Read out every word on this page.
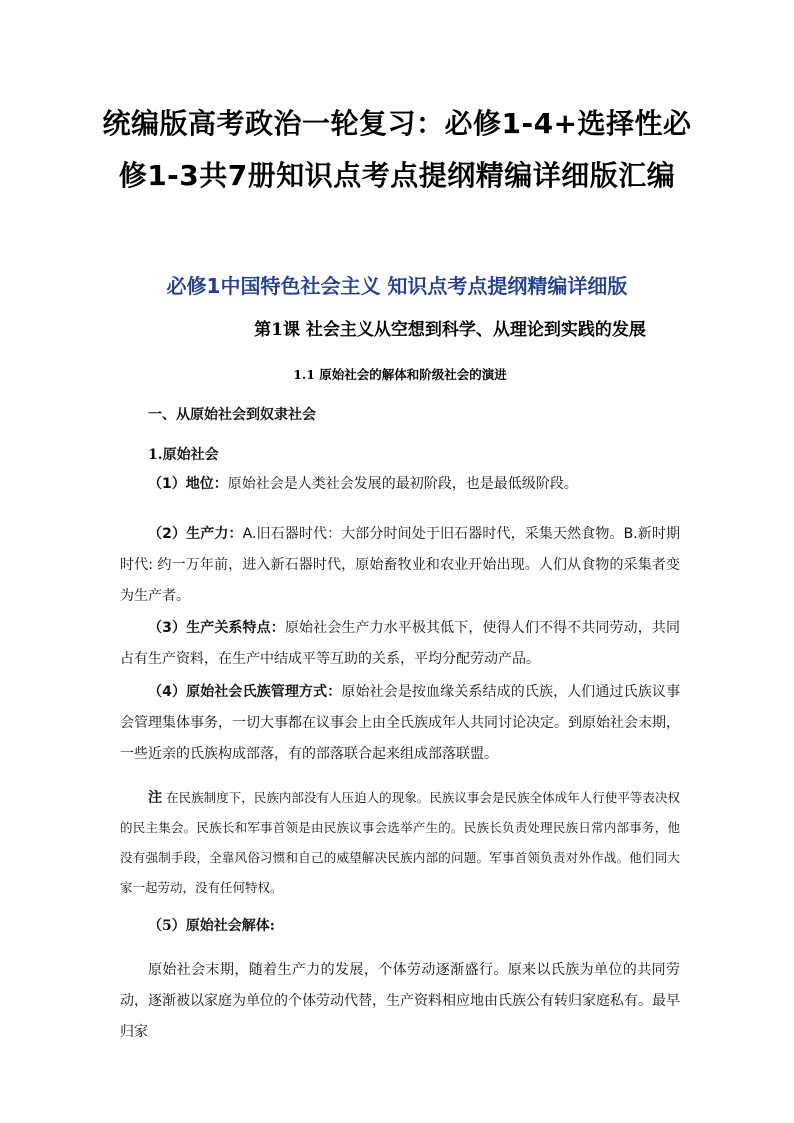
统编版高考政治一轮复习：必修1-4+选择性必
修1-3共7册知识点考点提纲精编详细版汇编
必修1中国特色社会主义 知识点考点提纲精编详细版
第1课 社会主义从空想到科学、从理论到实践的发展
1.1 原始社会的解体和阶级社会的演进
一、从原始社会到奴隶社会
1.原始社会

（1）地位：原始社会是人类社会发展的最初阶段，也是最低级阶段。

（2）生产力：A.旧石器时代：大部分时间处于旧石器时代，采集天然食物。B.新时期时代: 约一万年前，进入新石器时代，原始畜牧业和农业开始出现。人们从食物的采集者变为生产者。

（3）生产关系特点：原始社会生产力水平极其低下，使得人们不得不共同劳动，共同占有生产资料，在生产中结成平等互助的关系，平均分配劳动产品。

（4）原始社会氏族管理方式：原始社会是按血缘关系结成的氏族，人们通过氏族议事会管理集体事务，一切大事都在议事会上由全氏族成年人共同讨论决定。到原始社会末期，一些近亲的氏族构成部落，有的部落联合起来组成部落联盟。

注 在民族制度下，民族内部没有人压迫人的现象。民族议事会是民族全体成年人行使平等表决权的民主集会。民族长和军事首领是由民族议事会选举产生的。民族长负责处理民族日常内部事务，他没有强制手段，全靠风俗习惯和自己的威望解决民族内部的问题。军事首领负责对外作战。他们同大家一起劳动，没有任何特权。

（5）原始社会解体:

原始社会末期，随着生产力的发展，个体劳动逐渐盛行。原来以氏族为单位的共同劳动，逐渐被以家庭为单位的个体劳动代替，生产资料相应地由氏族公有转归家庭私有。最早归家
